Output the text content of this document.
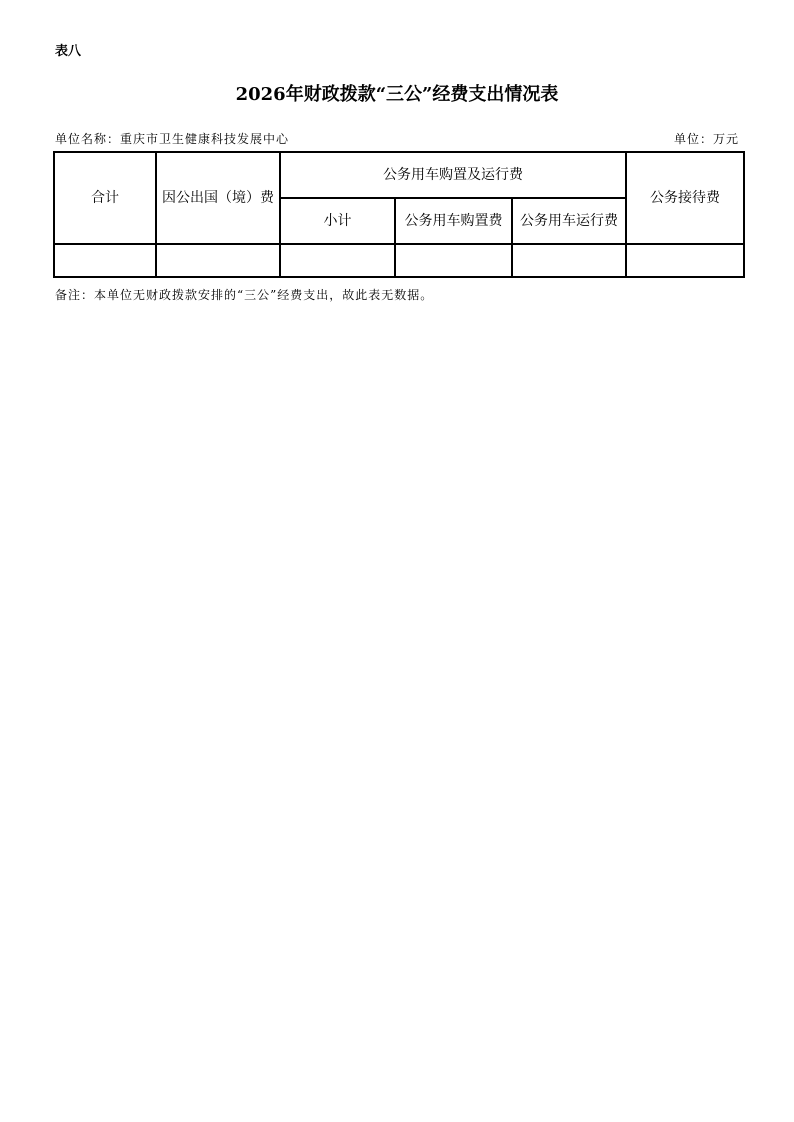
表八
2026年财政拨款“三公”经费支出情况表
单位名称：重庆市卫生健康科技发展中心	单位：万元
合计	因公出国（境）费	公务用车购置及运行费			公务接待费
		小计	公务用车购置费	公务用车运行费	

备注：本单位无财政拨款安排的“三公”经费支出，故此表无数据。
